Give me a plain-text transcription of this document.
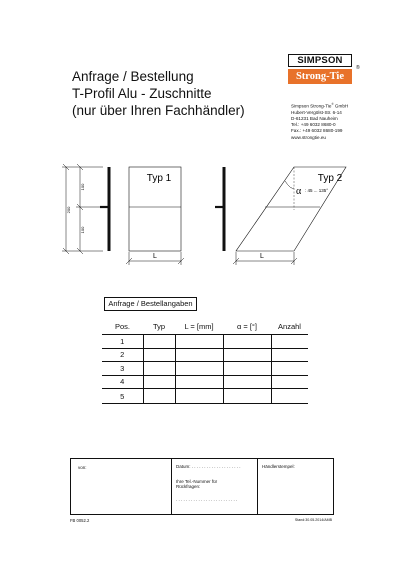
Anfrage / Bestellung
T-Profil Alu - Zuschnitte
(nur über Ihren Fachhändler)
SIMPSON
Strong-Tie
®
Simpson Strong-Tie® GmbH
Hubert-Vergölst-Str. 6-14
D-61231 Bad Nauheim
Tel.: +49 6032 8680-0
Fax.: +49 6032 8680-199
www.strongtie.eu
100
100
200
Typ 1
L
Typ 2
α : 45 ... 135°
L
Anfrage / Bestellangaben
Pos.	Typ	L = [mm]	α = [°]	Anzahl
1				
2				
3				
4				
5				
von:	Datum: . . . . . . . . . . . . . . . . . . . .
Ihre Tel.-Nummer für
Rückfragen:
. . . . . . . . . . . . . . . . . . . . . . . . .
Händlerstempel:
FB 0052.2	Stand:30.05.2014/AMB
